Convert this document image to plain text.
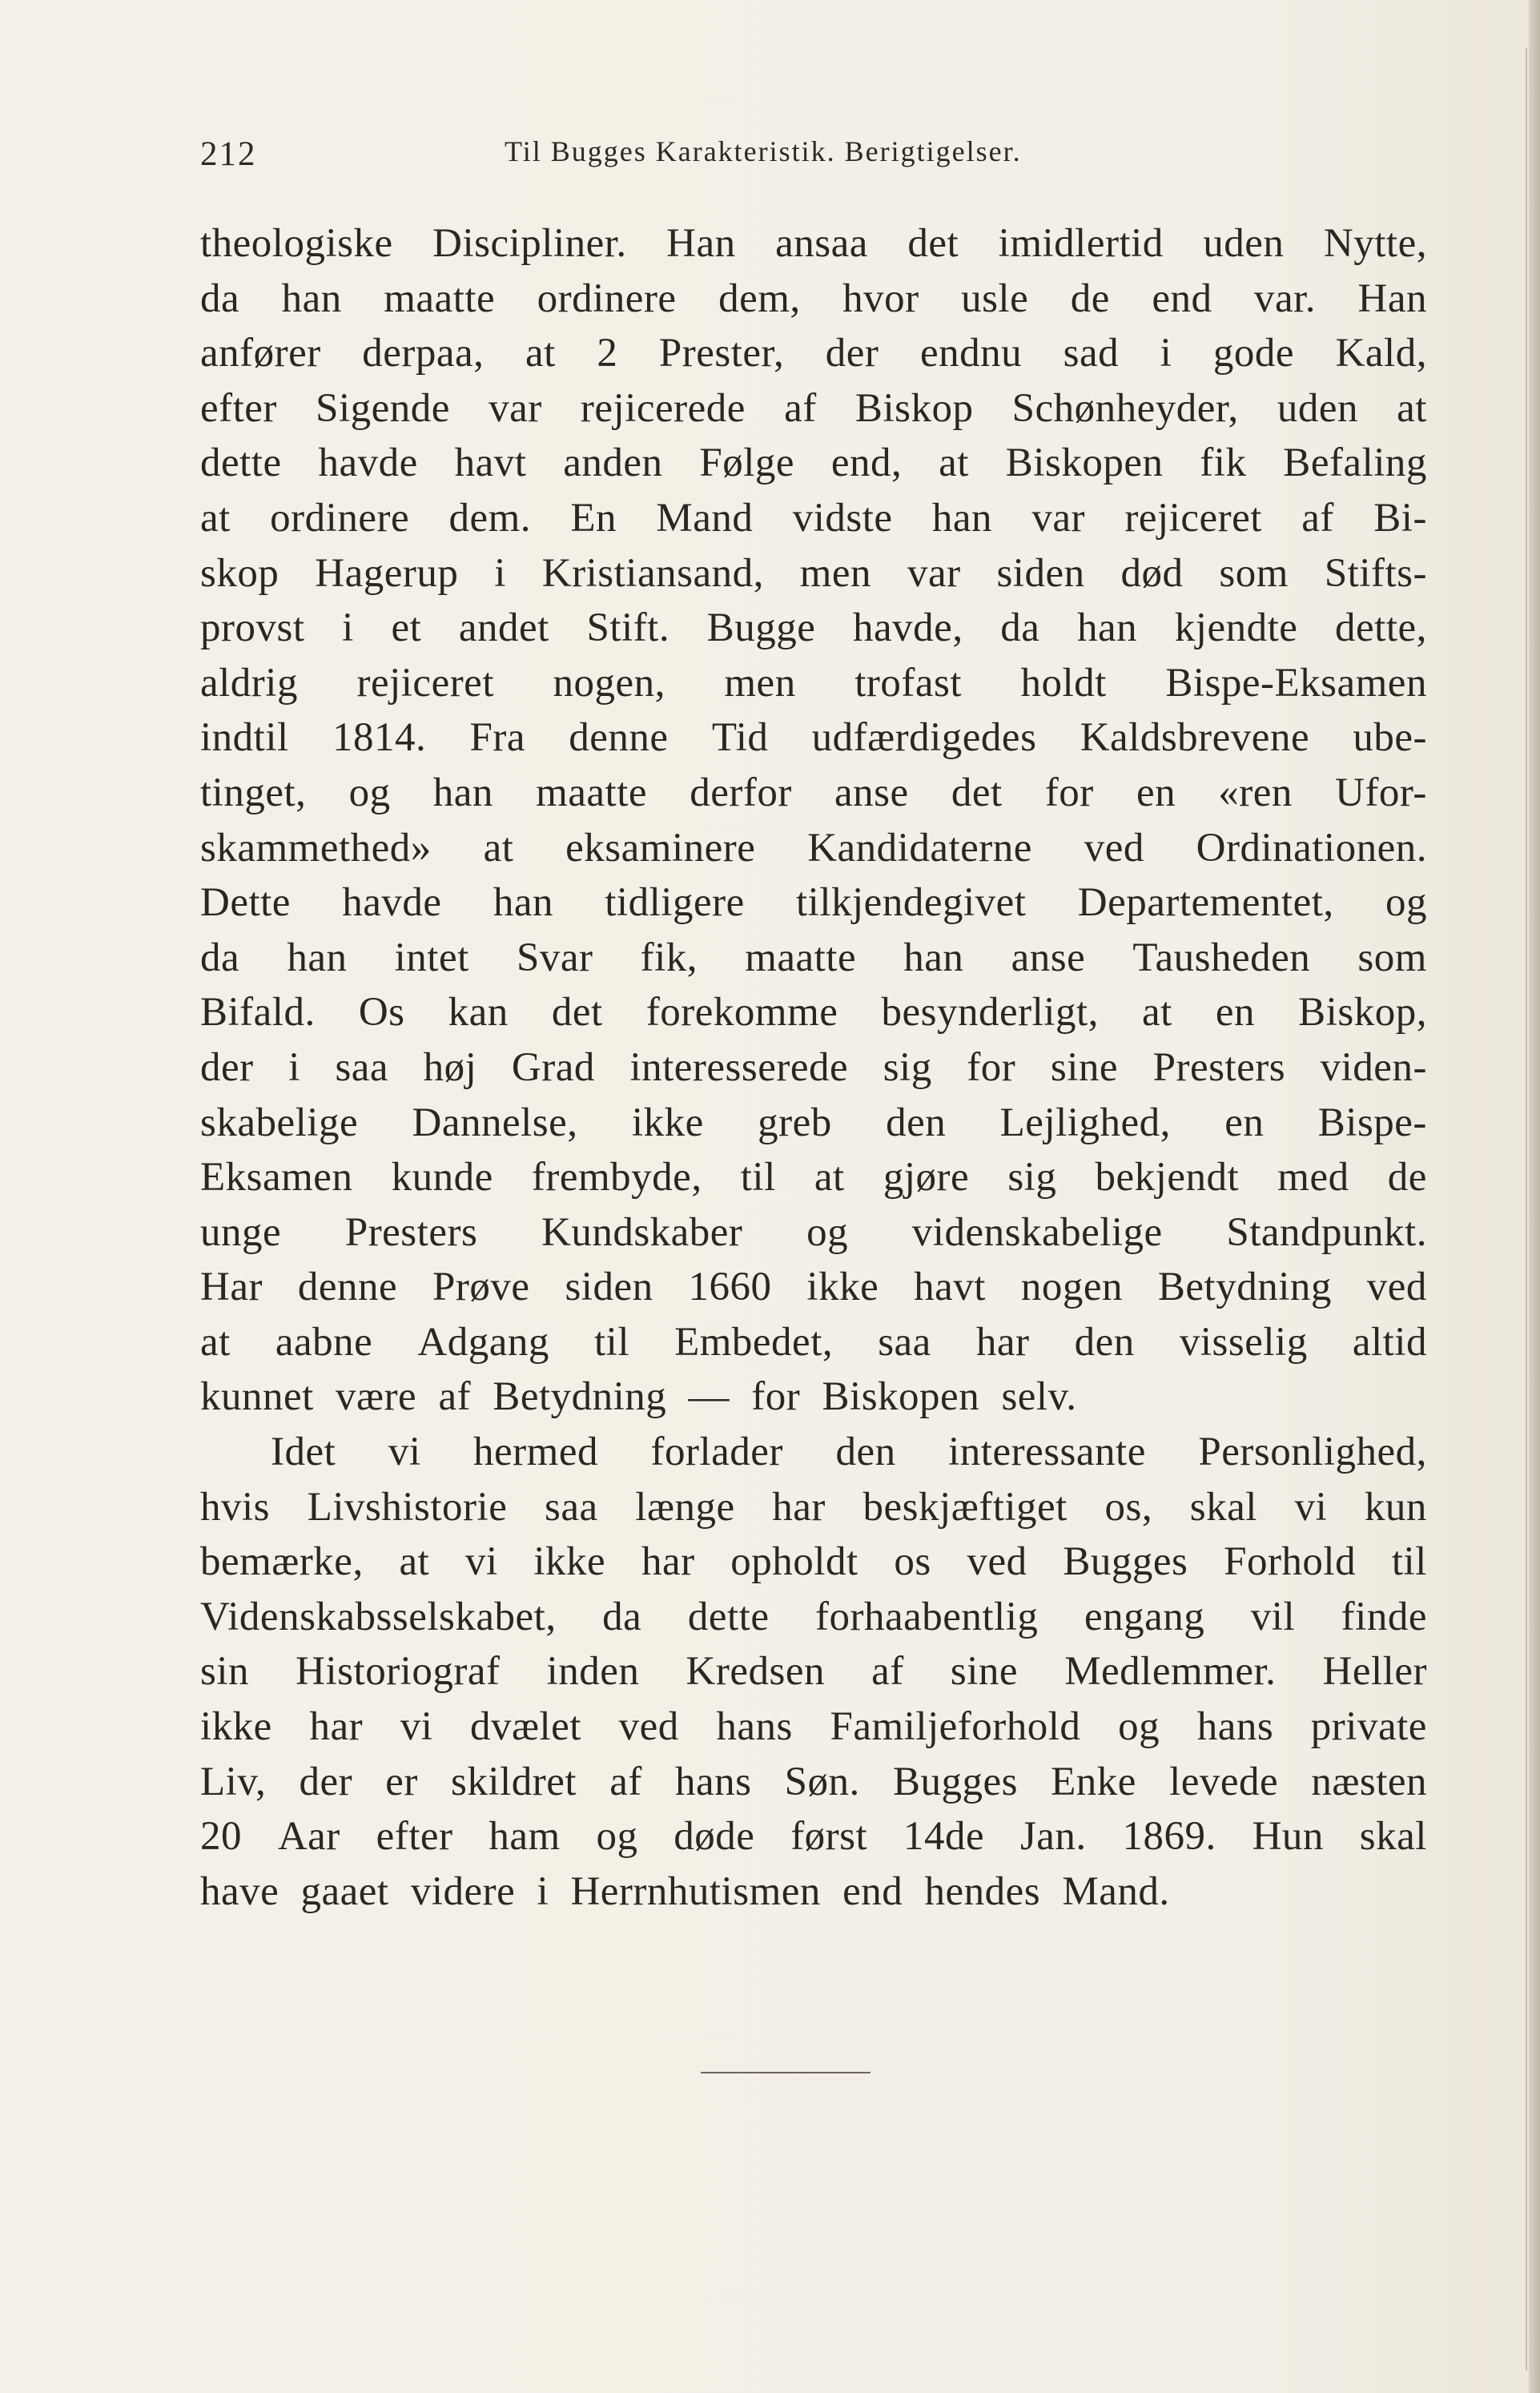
212	Til Bugges Karakteristik. Berigtigelser.
theologiske Discipliner. Han ansaa det imidlertid uden Nytte,
da han maatte ordinere dem, hvor usle de end var. Han
anfører derpaa, at 2 Prester, der endnu sad i gode Kald,
efter Sigende var rejicerede af Biskop Schønheyder, uden at
dette havde havt anden Følge end, at Biskopen fik Befaling
at ordinere dem. En Mand vidste han var rejiceret af Bi-
skop Hagerup i Kristiansand, men var siden død som Stifts-
provst i et andet Stift. Bugge havde, da han kjendte dette,
aldrig rejiceret nogen, men trofast holdt Bispe-Eksamen
indtil 1814. Fra denne Tid udfærdigedes Kaldsbrevene ube-
tinget, og han maatte derfor anse det for en «ren Ufor-
skammethed» at eksaminere Kandidaterne ved Ordinationen.
Dette havde han tidligere tilkjendegivet Departementet, og
da han intet Svar fik, maatte han anse Tausheden som
Bifald. Os kan det forekomme besynderligt, at en Biskop,
der i saa høj Grad interesserede sig for sine Presters viden-
skabelige Dannelse, ikke greb den Lejlighed, en Bispe-
Eksamen kunde frembyde, til at gjøre sig bekjendt med de
unge Presters Kundskaber og videnskabelige Standpunkt.
Har denne Prøve siden 1660 ikke havt nogen Betydning ved
at aabne Adgang til Embedet, saa har den visselig altid
kunnet være af Betydning — for Biskopen selv.
Idet vi hermed forlader den interessante Personlighed,
hvis Livshistorie saa længe har beskjæftiget os, skal vi kun
bemærke, at vi ikke har opholdt os ved Bugges Forhold til
Videnskabsselskabet, da dette forhaabentlig engang vil finde
sin Historiograf inden Kredsen af sine Medlemmer. Heller
ikke har vi dvælet ved hans Familjeforhold og hans private
Liv, der er skildret af hans Søn. Bugges Enke levede næsten
20 Aar efter ham og døde først 14de Jan. 1869. Hun skal
have gaaet videre i Herrnhutismen end hendes Mand.
